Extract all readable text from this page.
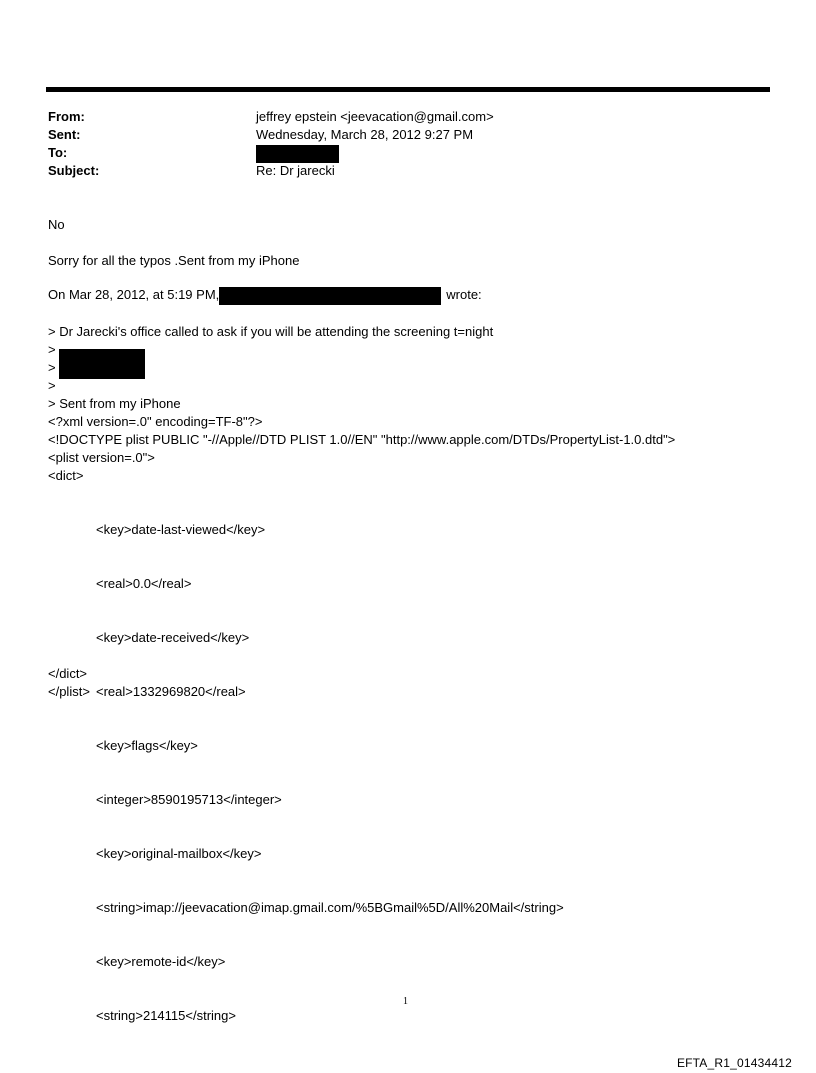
From:	jeffrey epstein <jeevacation@gmail.com>
Sent:	Wednesday, March 28, 2012 9:27 PM
To:
Subject:	Re: Dr jarecki
No
Sorry for all the typos .Sent from my iPhone
On Mar 28, 2012, at 5:19 PM,	wrote:
> Dr Jarecki's office called to ask if you will be attending the screening t=night
>
>
>
> Sent from my iPhone
<?xml version=.0" encoding=TF-8"?>
<!DOCTYPE plist PUBLIC "-//Apple//DTD PLIST 1.0//EN" "http://www.apple.com/DTDs/PropertyList-1.0.dtd">
<plist version=.0">
<dict>

<key>date-last-viewed</key>

<real>0.0</real>

<key>date-received</key>

<real>1332969820</real>

<key>flags</key>

<integer>8590195713</integer>

<key>original-mailbox</key>

<string>imap://jeevacation@imap.gmail.com/%5BGmail%5D/All%20Mail</string>

<key>remote-id</key>

<string>214115</string>

</dict>
</plist>
1
EFTA_R1_01434412
